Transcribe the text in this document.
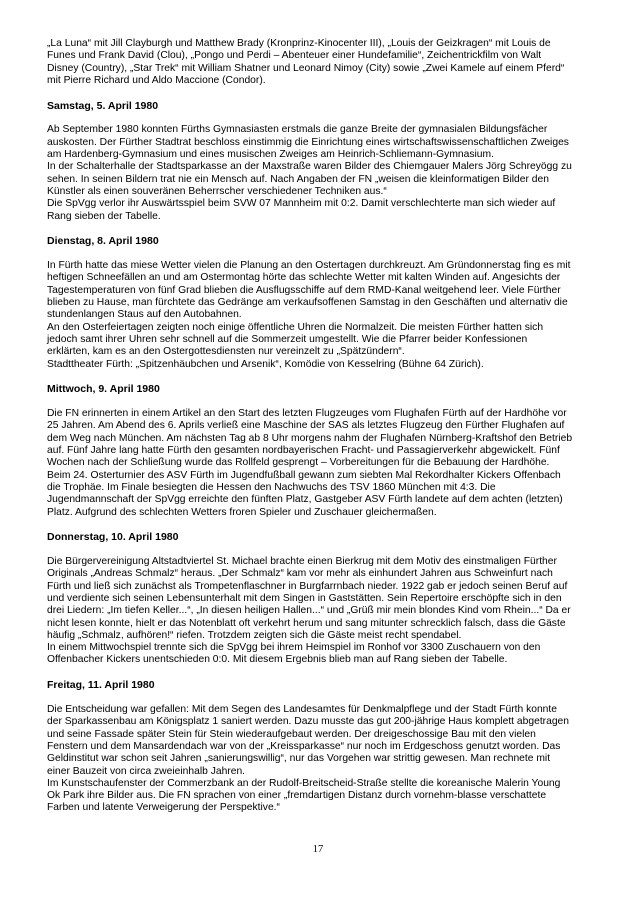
„La Luna“ mit Jill Clayburgh und Matthew Brady (Kronprinz-Kinocenter III), „Louis der Geizkragen“ mit Louis de
Funes und Frank David (Clou), „Pongo und Perdi – Abenteuer einer Hundefamilie“, Zeichentrickfilm von Walt
Disney (Country), „Star Trek“ mit William Shatner und Leonard Nimoy (City) sowie „Zwei Kamele auf einem Pferd“
mit Pierre Richard und Aldo Maccione (Condor).
Samstag, 5. April 1980
Ab September 1980 konnten Fürths Gymnasiasten erstmals die ganze Breite der gymnasialen Bildungsfächer
auskosten. Der Fürther Stadtrat beschloss einstimmig die Einrichtung eines wirtschaftswissenschaftlichen Zweiges
am Hardenberg-Gymnasium und eines musischen Zweiges am Heinrich-Schliemann-Gymnasium.
In der Schalterhalle der Stadtsparkasse an der Maxstraße waren Bilder des Chiemgauer Malers Jörg Schreyögg zu
sehen. In seinen Bildern trat nie ein Mensch auf. Nach Angaben der FN „weisen die kleinformatigen Bilder den
Künstler als einen souveränen Beherrscher verschiedener Techniken aus.“
Die SpVgg verlor ihr Auswärtsspiel beim SVW 07 Mannheim mit 0:2. Damit verschlechterte man sich wieder auf
Rang sieben der Tabelle.
Dienstag, 8. April 1980
In Fürth hatte das miese Wetter vielen die Planung an den Ostertagen durchkreuzt. Am Gründonnerstag fing es mit
heftigen Schneefällen an und am Ostermontag hörte das schlechte Wetter mit kalten Winden auf. Angesichts der
Tagestemperaturen von fünf Grad blieben die Ausflugsschiffe auf dem RMD-Kanal weitgehend leer. Viele Fürther
blieben zu Hause, man fürchtete das Gedränge am verkaufsoffenen Samstag in den Geschäften und alternativ die
stundenlangen Staus auf den Autobahnen.
An den Osterfeiertagen zeigten noch einige öffentliche Uhren die Normalzeit. Die meisten Fürther hatten sich
jedoch samt ihrer Uhren sehr schnell auf die Sommerzeit umgestellt. Wie die Pfarrer beider Konfessionen
erklärten, kam es an den Ostergottesdiensten nur vereinzelt zu „Spätzündern“.
Stadttheater Fürth: „Spitzenhäubchen und Arsenik“, Komödie von Kesselring (Bühne 64 Zürich).
Mittwoch, 9. April 1980
Die FN erinnerten in einem Artikel an den Start des letzten Flugzeuges vom Flughafen Fürth auf der Hardhöhe vor
25 Jahren. Am Abend des 6. Aprils verließ eine Maschine der SAS als letztes Flugzeug den Fürther Flughafen auf
dem Weg nach München. Am nächsten Tag ab 8 Uhr morgens nahm der Flughafen Nürnberg-Kraftshof den Betrieb
auf. Fünf Jahre lang hatte Fürth den gesamten nordbayerischen Fracht- und Passagierverkehr abgewickelt. Fünf
Wochen nach der Schließung wurde das Rollfeld gesprengt – Vorbereitungen für die Bebauung der Hardhöhe.
Beim 24. Osterturnier des ASV Fürth im Jugendfußball gewann zum siebten Mal Rekordhalter Kickers Offenbach
die Trophäe. Im Finale besiegten die Hessen den Nachwuchs des TSV 1860 München mit 4:3. Die
Jugendmannschaft der SpVgg erreichte den fünften Platz, Gastgeber ASV Fürth landete auf dem achten (letzten)
Platz. Aufgrund des schlechten Wetters froren Spieler und Zuschauer gleichermaßen.
Donnerstag, 10. April 1980
Die Bürgervereinigung Altstadtviertel St. Michael brachte einen Bierkrug mit dem Motiv des einstmaligen Fürther
Originals „Andreas Schmalz“ heraus. „Der Schmalz“ kam vor mehr als einhundert Jahren aus Schweinfurt nach
Fürth und ließ sich zunächst als Trompetenflaschner in Burgfarrnbach nieder. 1922 gab er jedoch seinen Beruf auf
und verdiente sich seinen Lebensunterhalt mit dem Singen in Gaststätten. Sein Repertoire erschöpfte sich in den
drei Liedern: „Im tiefen Keller...“, „In diesen heiligen Hallen...“ und „Grüß mir mein blondes Kind vom Rhein...“ Da er
nicht lesen konnte, hielt er das Notenblatt oft verkehrt herum und sang mitunter schrecklich falsch, dass die Gäste
häufig „Schmalz, aufhören!“ riefen. Trotzdem zeigten sich die Gäste meist recht spendabel.
In einem Mittwochspiel trennte sich die SpVgg bei ihrem Heimspiel im Ronhof vor 3300 Zuschauern von den
Offenbacher Kickers unentschieden 0:0. Mit diesem Ergebnis blieb man auf Rang sieben der Tabelle.
Freitag, 11. April 1980
Die Entscheidung war gefallen: Mit dem Segen des Landesamtes für Denkmalpflege und der Stadt Fürth konnte
der Sparkassenbau am Königsplatz 1 saniert werden. Dazu musste das gut 200-jährige Haus komplett abgetragen
und seine Fassade später Stein für Stein wiederaufgebaut werden. Der dreigeschossige Bau mit den vielen
Fenstern und dem Mansardendach war von der „Kreissparkasse“ nur noch im Erdgeschoss genutzt worden. Das
Geldinstitut war schon seit Jahren „sanierungswillig“, nur das Vorgehen war strittig gewesen. Man rechnete mit
einer Bauzeit von circa zweieinhalb Jahren.
Im Kunstschaufenster der Commerzbank an der Rudolf-Breitscheid-Straße stellte die koreanische Malerin Young
Ok Park ihre Bilder aus. Die FN sprachen von einer „fremdartigen Distanz durch vornehm-blasse verschattete
Farben und latente Verweigerung der Perspektive.“
17
